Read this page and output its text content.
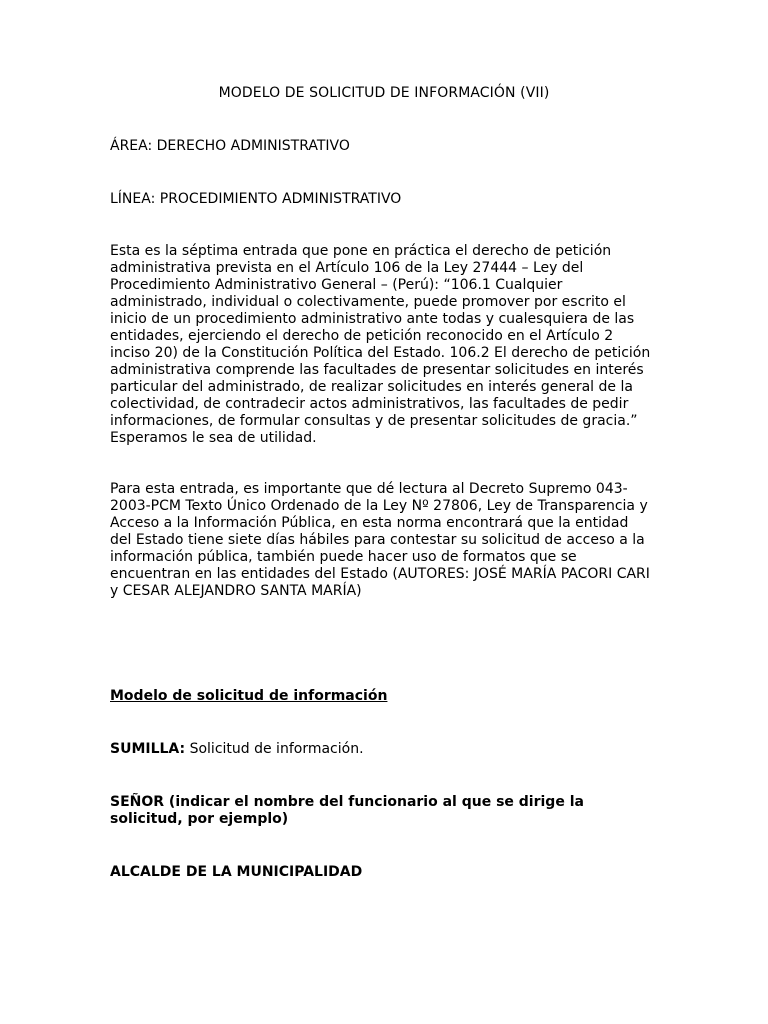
MODELO DE SOLICITUD DE INFORMACIÓN (VII)
ÁREA: DERECHO ADMINISTRATIVO
LÍNEA: PROCEDIMIENTO ADMINISTRATIVO
Esta es la séptima entrada que pone en práctica el derecho de petición
administrativa prevista en el Artículo 106 de la Ley 27444 – Ley del
Procedimiento Administrativo General – (Perú): “106.1 Cualquier
administrado, individual o colectivamente, puede promover por escrito el
inicio de un procedimiento administrativo ante todas y cualesquiera de las
entidades, ejerciendo el derecho de petición reconocido en el Artículo 2
inciso 20) de la Constitución Política del Estado. 106.2 El derecho de petición
administrativa comprende las facultades de presentar solicitudes en interés
particular del administrado, de realizar solicitudes en interés general de la
colectividad, de contradecir actos administrativos, las facultades de pedir
informaciones, de formular consultas y de presentar solicitudes de gracia.”
Esperamos le sea de utilidad.
Para esta entrada, es importante que dé lectura al Decreto Supremo 043-
2003-PCM Texto Único Ordenado de la Ley Nº 27806, Ley de Transparencia y
Acceso a la Información Pública, en esta norma encontrará que la entidad
del Estado tiene siete días hábiles para contestar su solicitud de acceso a la
información pública, también puede hacer uso de formatos que se
encuentran en las entidades del Estado (AUTORES: JOSÉ MARÍA PACORI CARI
y CESAR ALEJANDRO SANTA MARÍA)
Modelo de solicitud de información
SUMILLA: Solicitud de información.
SEÑOR (indicar el nombre del funcionario al que se dirige la
solicitud, por ejemplo)
ALCALDE DE LA MUNICIPALIDAD
